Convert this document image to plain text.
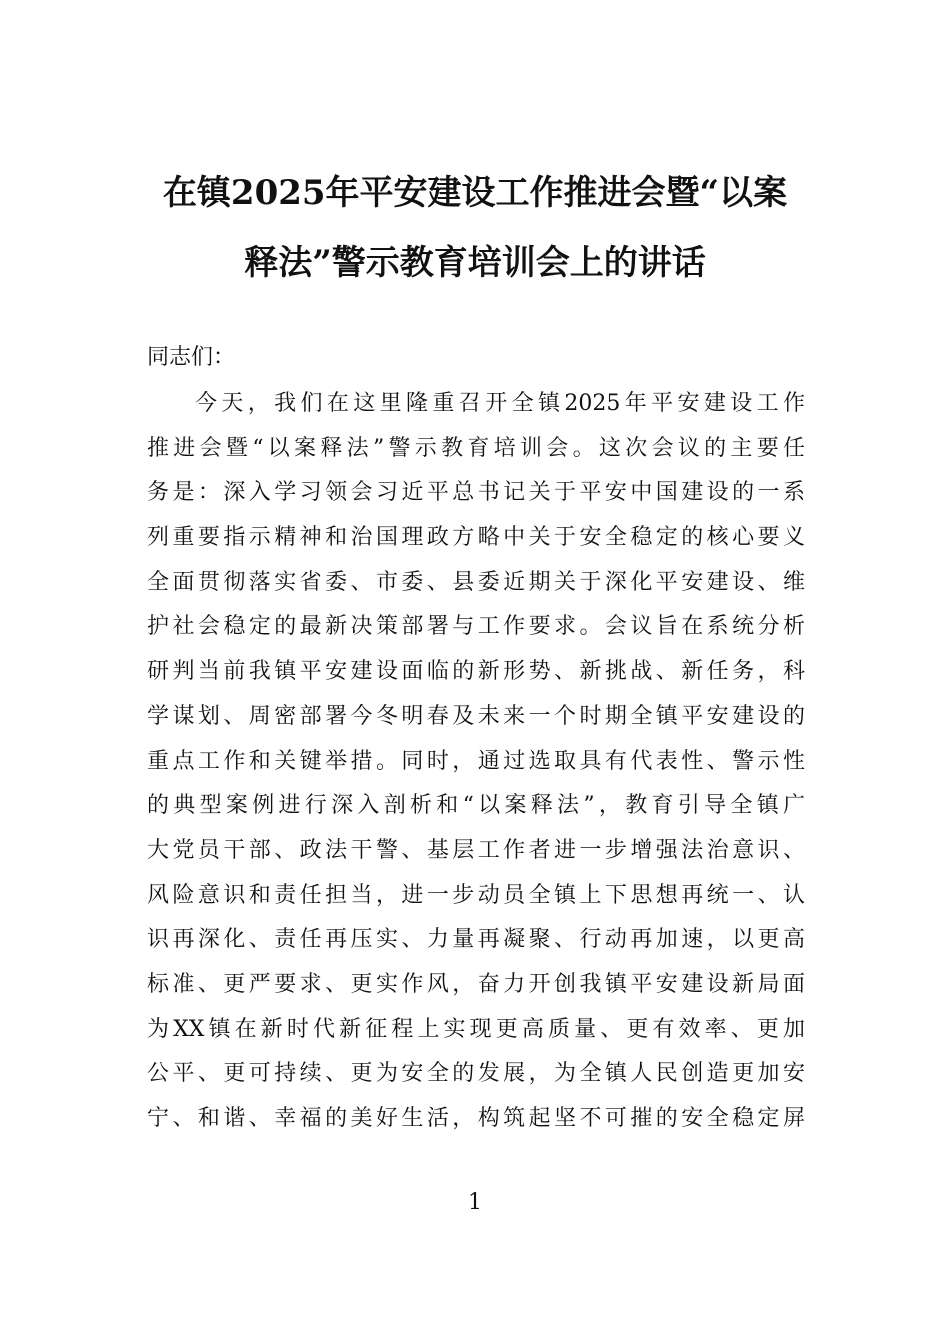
在镇2025年平安建设工作推进会暨“以案
释法”警示教育培训会上的讲话
同志们：
今天，我们在这里隆重召开全镇2025年平安建设工作
推进会暨“以案释法”警示教育培训会。这次会议的主要任
务是：深入学习领会习近平总书记关于平安中国建设的一系
列重要指示精神和治国理政方略中关于安全稳定的核心要义
全面贯彻落实省委、市委、县委近期关于深化平安建设、维
护社会稳定的最新决策部署与工作要求。会议旨在系统分析
研判当前我镇平安建设面临的新形势、新挑战、新任务，科
学谋划、周密部署今冬明春及未来一个时期全镇平安建设的
重点工作和关键举措。同时，通过选取具有代表性、警示性
的典型案例进行深入剖析和“以案释法”，教育引导全镇广
大党员干部、政法干警、基层工作者进一步增强法治意识、
风险意识和责任担当，进一步动员全镇上下思想再统一、认
识再深化、责任再压实、力量再凝聚、行动再加速，以更高
标准、更严要求、更实作风，奋力开创我镇平安建设新局面
为XX镇在新时代新征程上实现更高质量、更有效率、更加
公平、更可持续、更为安全的发展，为全镇人民创造更加安
宁、和谐、幸福的美好生活，构筑起坚不可摧的安全稳定屏
1
